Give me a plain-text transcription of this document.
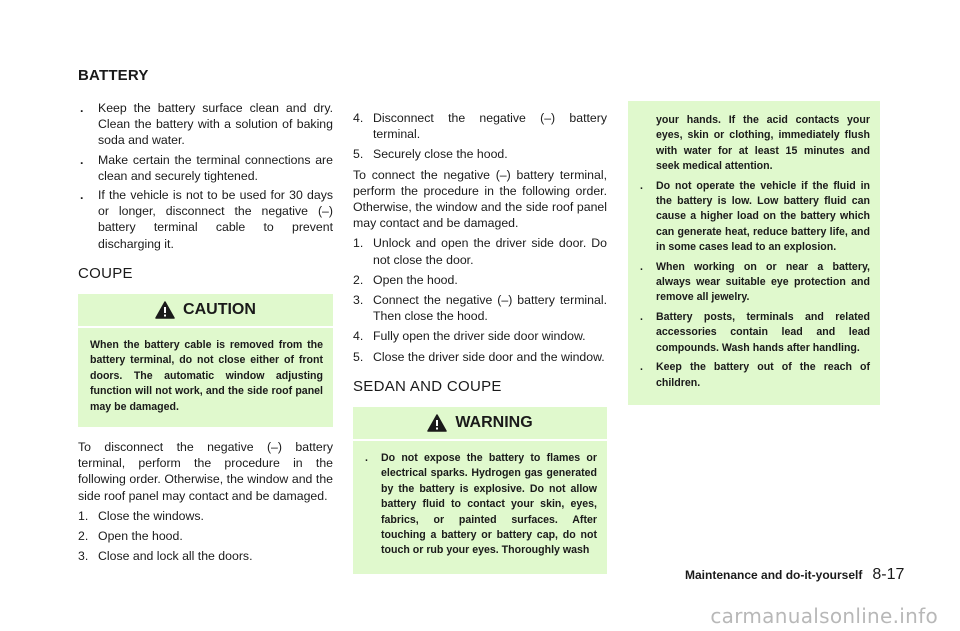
BATTERY
. Keep the battery surface clean and dry. Clean the battery with a solution of baking soda and water.
. Make certain the terminal connections are clean and securely tightened.
. If the vehicle is not to be used for 30 days or longer, disconnect the negative (–) battery terminal cable to prevent discharging it.
COUPE
CAUTION
When the battery cable is removed from the battery terminal, do not close either of front doors. The automatic window adjusting function will not work, and the side roof panel may be damaged.
To disconnect the negative (–) battery terminal, perform the procedure in the following order. Otherwise, the window and the side roof panel may contact and be damaged.
1. Close the windows.
2. Open the hood.
3. Close and lock all the doors.
4. Disconnect the negative (–) battery terminal.
5. Securely close the hood.
To connect the negative (–) battery terminal, perform the procedure in the following order. Otherwise, the window and the side roof panel may contact and be damaged.
1. Unlock and open the driver side door. Do not close the door.
2. Open the hood.
3. Connect the negative (–) battery terminal. Then close the hood.
4. Fully open the driver side door window.
5. Close the driver side door and the window.
SEDAN AND COUPE
WARNING
. Do not expose the battery to flames or electrical sparks. Hydrogen gas generated by the battery is explosive. Do not allow battery fluid to contact your skin, eyes, fabrics, or painted surfaces. After touching a battery or battery cap, do not touch or rub your eyes. Thoroughly wash
your hands. If the acid contacts your eyes, skin or clothing, immediately flush with water for at least 15 minutes and seek medical attention.
. Do not operate the vehicle if the fluid in the battery is low. Low battery fluid can cause a higher load on the battery which can generate heat, reduce battery life, and in some cases lead to an explosion.
. When working on or near a battery, always wear suitable eye protection and remove all jewelry.
. Battery posts, terminals and related accessories contain lead and lead compounds. Wash hands after handling.
. Keep the battery out of the reach of children.
Maintenance and do-it-yourself 8-17
carmanualsonline.info
